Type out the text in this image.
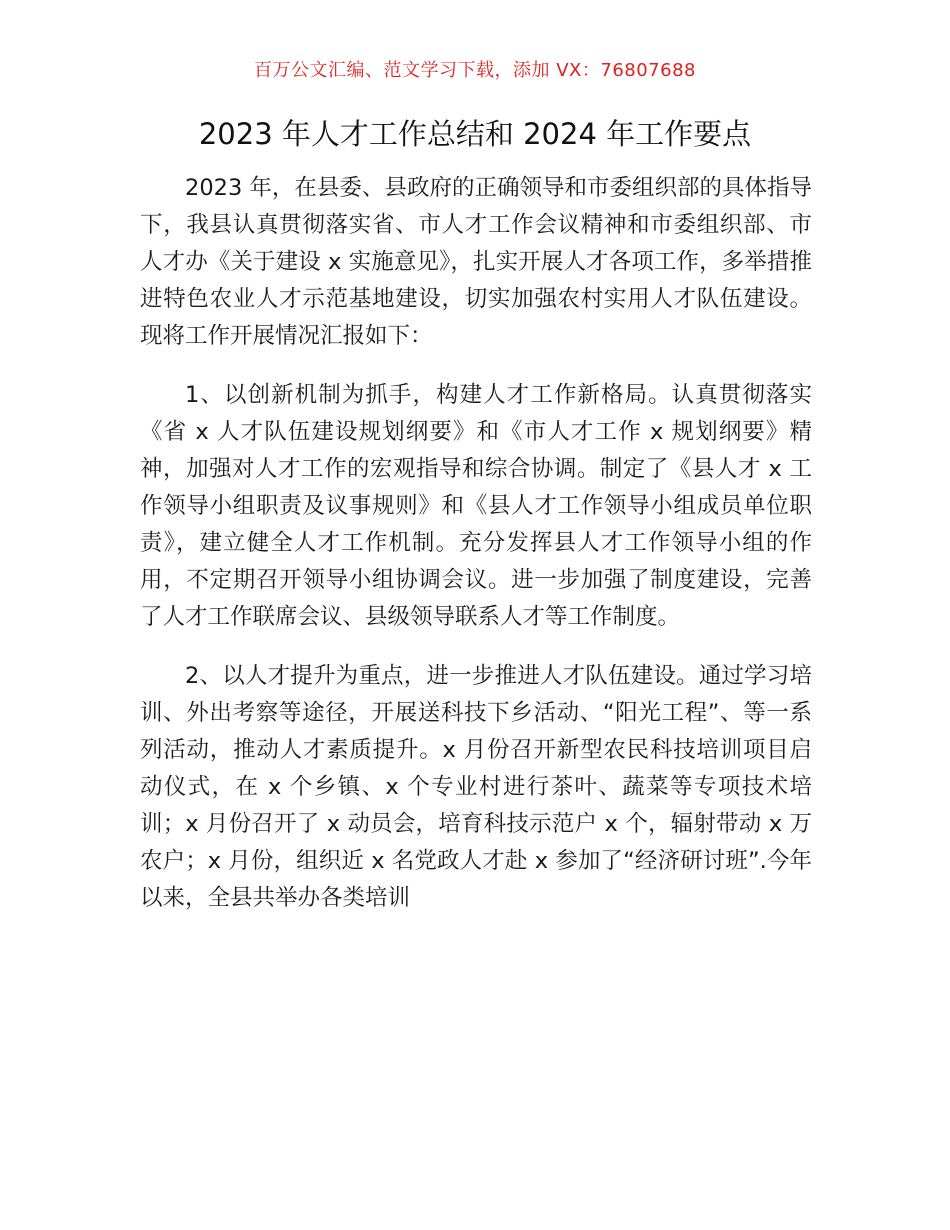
百万公文汇编、范文学习下载，添加 VX：76807688
2023 年人才工作总结和 2024 年工作要点

2023 年，在县委、县政府的正确领导和市委组织部的具体指导下，我县认真贯彻落实省、市人才工作会议精神和市委组织部、市人才办《关于建设 x 实施意见》，扎实开展人才各项工作，多举措推进特色农业人才示范基地建设，切实加强农村实用人才队伍建设。现将工作开展情况汇报如下：

1、以创新机制为抓手，构建人才工作新格局。认真贯彻落实《省 x 人才队伍建设规划纲要》和《市人才工作 x 规划纲要》精神，加强对人才工作的宏观指导和综合协调。制定了《县人才 x 工作领导小组职责及议事规则》和《县人才工作领导小组成员单位职责》，建立健全人才工作机制。充分发挥县人才工作领导小组的作用，不定期召开领导小组协调会议。进一步加强了制度建设，完善了人才工作联席会议、县级领导联系人才等工作制度。

2、以人才提升为重点，进一步推进人才队伍建设。通过学习培训、外出考察等途径，开展送科技下乡活动、“阳光工程”、等一系列活动，推动人才素质提升。x 月份召开新型农民科技培训项目启动仪式，在 x 个乡镇、x 个专业村进行茶叶、蔬菜等专项技术培训；x 月份召开了 x 动员会，培育科技示范户 x 个，辐射带动 x 万农户；x 月份，组织近 x 名党政人才赴 x 参加了“经济研讨班”.今年以来，全县共举办各类培训
